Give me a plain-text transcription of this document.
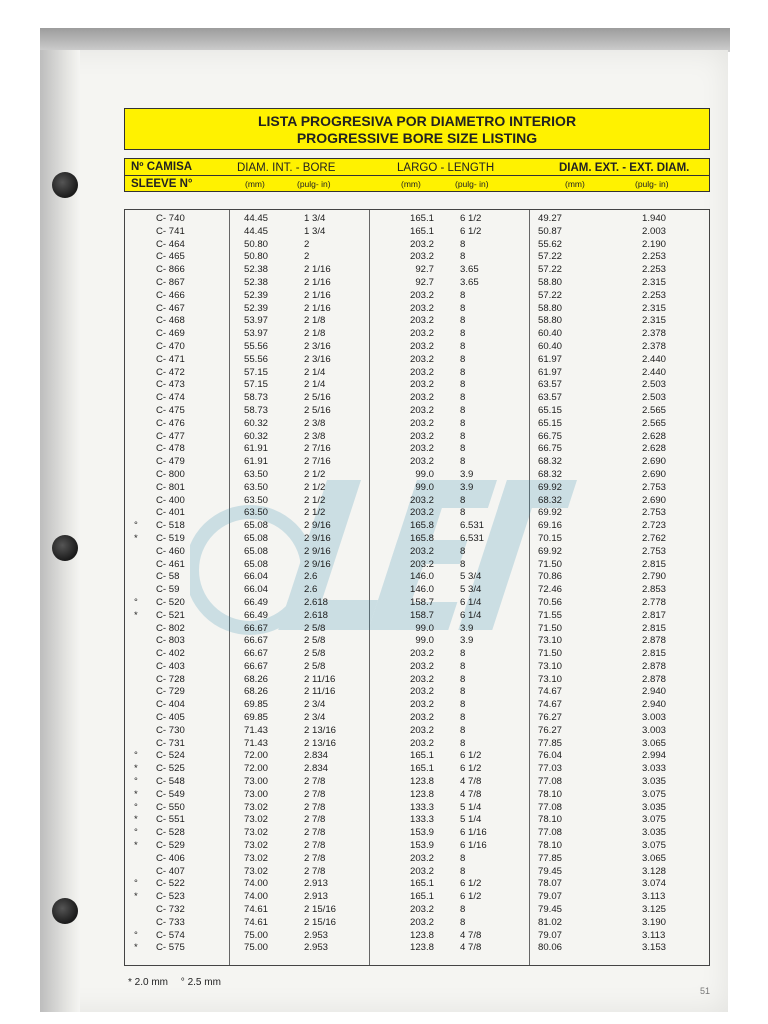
LISTA PROGRESIVA POR DIAMETRO INTERIOR
PROGRESSIVE BORE SIZE LISTING
Nº CAMISA
SLEEVE N°
DIAM. INT. - BORE
(mm)	(pulg- in)
LARGO - LENGTH
(mm)	(pulg- in)
DIAM. EXT. - EXT. DIAM.
(mm)	(pulg- in)
C- 740	44.45	1 3/4	165.1	6 1/2	49.27	1.940
C- 741	44.45	1 3/4	165.1	6 1/2	50.87	2.003
C- 464	50.80	2	203.2	8	55.62	2.190
C- 465	50.80	2	203.2	8	57.22	2.253
C- 866	52.38	2 1/16	92.7	3.65	57.22	2.253
C- 867	52.38	2 1/16	92.7	3.65	58.80	2.315
C- 466	52.39	2 1/16	203.2	8	57.22	2.253
C- 467	52.39	2 1/16	203.2	8	58.80	2.315
C- 468	53.97	2 1/8	203.2	8	58.80	2.315
C- 469	53.97	2 1/8	203.2	8	60.40	2.378
C- 470	55.56	2 3/16	203.2	8	60.40	2.378
C- 471	55.56	2 3/16	203.2	8	61.97	2.440
C- 472	57.15	2 1/4	203.2	8	61.97	2.440
C- 473	57.15	2 1/4	203.2	8	63.57	2.503
C- 474	58.73	2 5/16	203.2	8	63.57	2.503
C- 475	58.73	2 5/16	203.2	8	65.15	2.565
C- 476	60.32	2 3/8	203.2	8	65.15	2.565
C- 477	60.32	2 3/8	203.2	8	66.75	2.628
C- 478	61.91	2 7/16	203.2	8	66.75	2.628
C- 479	61.91	2 7/16	203.2	8	68.32	2.690
C- 800	63.50	2 1/2	99.0	3.9	68.32	2.690
C- 801	63.50	2 1/2	99.0	3.9	69.92	2.753
C- 400	63.50	2 1/2	203.2	8	68.32	2.690
C- 401	63.50	2 1/2	203.2	8	69.92	2.753
°	C- 518	65.08	2 9/16	165.8	6.531	69.16	2.723
*	C- 519	65.08	2 9/16	165.8	6.531	70.15	2.762
C- 460	65.08	2 9/16	203.2	8	69.92	2.753
C- 461	65.08	2 9/16	203.2	8	71.50	2.815
C- 58	66.04	2.6	146.0	5 3/4	70.86	2.790
C- 59	66.04	2.6	146.0	5 3/4	72.46	2.853
°	C- 520	66.49	2.618	158.7	6 1/4	70.56	2.778
*	C- 521	66.49	2.618	158.7	6 1/4	71.55	2.817
C- 802	66.67	2 5/8	99.0	3.9	71.50	2.815
C- 803	66.67	2 5/8	99.0	3.9	73.10	2.878
C- 402	66.67	2 5/8	203.2	8	71.50	2.815
C- 403	66.67	2 5/8	203.2	8	73.10	2.878
C- 728	68.26	2 11/16	203.2	8	73.10	2.878
C- 729	68.26	2 11/16	203.2	8	74.67	2.940
C- 404	69.85	2 3/4	203.2	8	74.67	2.940
C- 405	69.85	2 3/4	203.2	8	76.27	3.003
C- 730	71.43	2 13/16	203.2	8	76.27	3.003
C- 731	71.43	2 13/16	203.2	8	77.85	3.065
°	C- 524	72.00	2.834	165.1	6 1/2	76.04	2.994
*	C- 525	72.00	2.834	165.1	6 1/2	77.03	3.033
°	C- 548	73.00	2 7/8	123.8	4 7/8	77.08	3.035
*	C- 549	73.00	2 7/8	123.8	4 7/8	78.10	3.075
°	C- 550	73.02	2 7/8	133.3	5 1/4	77.08	3.035
*	C- 551	73.02	2 7/8	133.3	5 1/4	78.10	3.075
°	C- 528	73.02	2 7/8	153.9	6 1/16	77.08	3.035
*	C- 529	73.02	2 7/8	153.9	6 1/16	78.10	3.075
C- 406	73.02	2 7/8	203.2	8	77.85	3.065
C- 407	73.02	2 7/8	203.2	8	79.45	3.128
°	C- 522	74.00	2.913	165.1	6 1/2	78.07	3.074
*	C- 523	74.00	2.913	165.1	6 1/2	79.07	3.113
C- 732	74.61	2 15/16	203.2	8	79.45	3.125
C- 733	74.61	2 15/16	203.2	8	81.02	3.190
°	C- 574	75.00	2.953	123.8	4 7/8	79.07	3.113
*	C- 575	75.00	2.953	123.8	4 7/8	80.06	3.153
* 2.0 mm ° 2.5 mm
51
